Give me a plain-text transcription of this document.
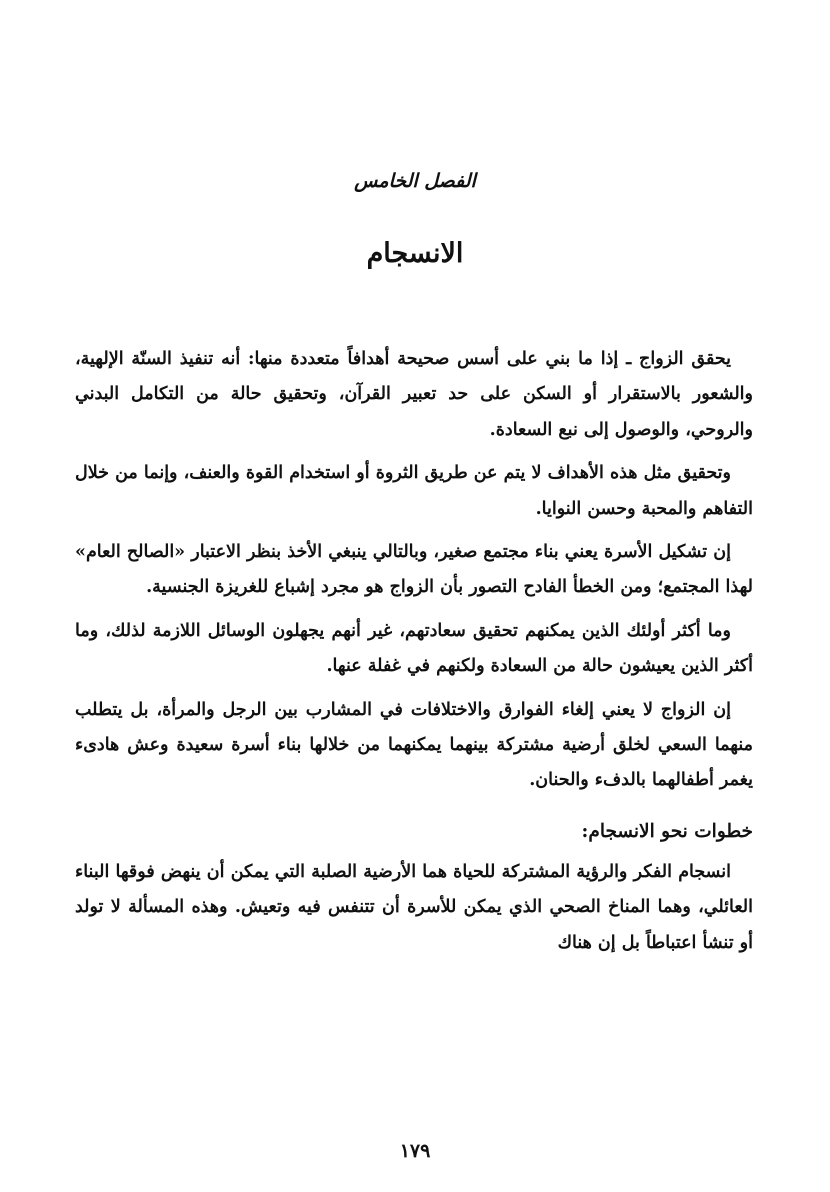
الفصل الخامس
الانسجام

يحقق الزواج ـ إذا ما بني على أسس صحيحة أهدافاً متعددة منها: أنه تنفيذ السنّة الإلهية، والشعور بالاستقرار أو السكن على حد تعبير القرآن، وتحقيق حالة من التكامل البدني والروحي، والوصول إلى نبع السعادة.

وتحقيق مثل هذه الأهداف لا يتم عن طريق الثروة أو استخدام القوة والعنف، وإنما من خلال التفاهم والمحبة وحسن النوايا.

إن تشكيل الأسرة يعني بناء مجتمع صغير، وبالتالي ينبغي الأخذ بنظر الاعتبار «الصالح العام» لهذا المجتمع؛ ومن الخطأ الفادح التصور بأن الزواج هو مجرد إشباع للغريزة الجنسية.

وما أكثر أولئك الذين يمكنهم تحقيق سعادتهم، غير أنهم يجهلون الوسائل اللازمة لذلك، وما أكثر الذين يعيشون حالة من السعادة ولكنهم في غفلة عنها.

إن الزواج لا يعني إلغاء الفوارق والاختلافات في المشارب بين الرجل والمرأة، بل يتطلب منهما السعي لخلق أرضية مشتركة بينهما يمكنهما من خلالها بناء أسرة سعيدة وعش هادىء يغمر أطفالهما بالدفء والحنان.

خطوات نحو الانسجام:

انسجام الفكر والرؤية المشتركة للحياة هما الأرضية الصلبة التي يمكن أن ينهض فوقها البناء العائلي، وهما المناخ الصحي الذي يمكن للأسرة أن تتنفس فيه وتعيش. وهذه المسألة لا تولد أو تنشأ اعتباطاً بل إن هناك

١٧٩
